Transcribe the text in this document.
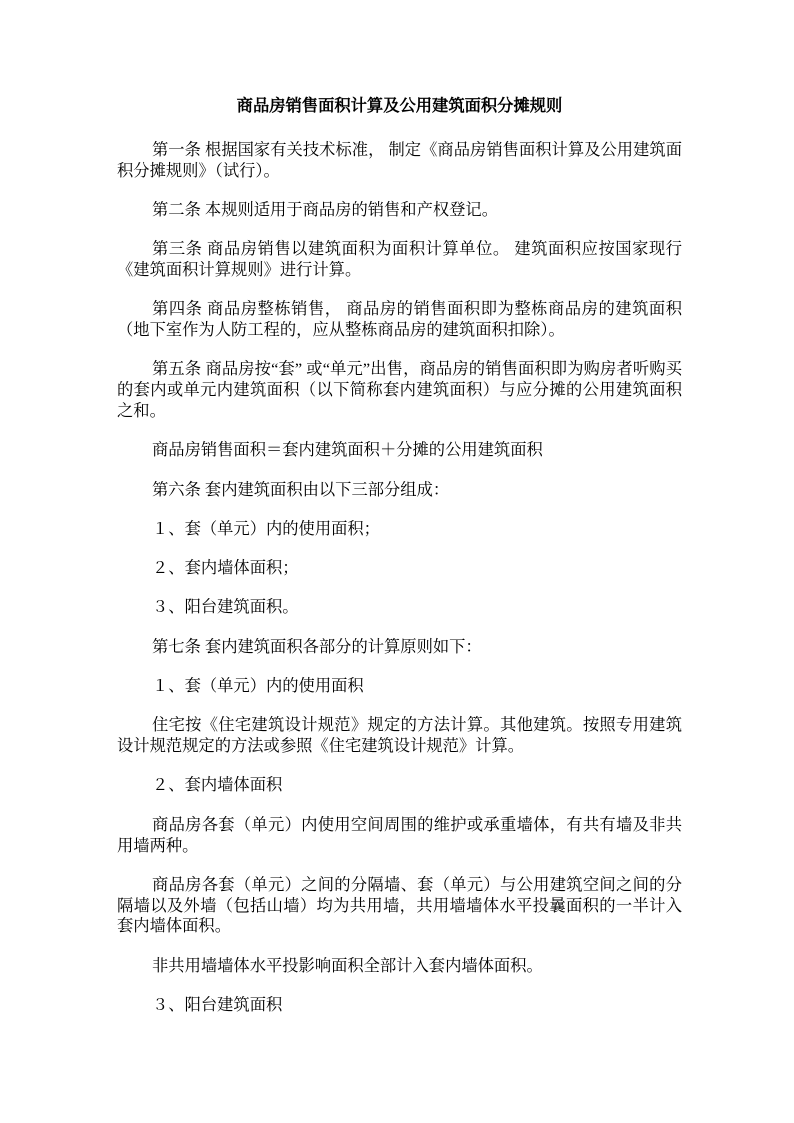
商品房销售面积计算及公用建筑面积分摊规则

第一条 根据国家有关技术标准， 制定《商品房销售面积计算及公用建筑面积分摊规则》（试行）。

第二条 本规则适用于商品房的销售和产权登记。

第三条 商品房销售以建筑面积为面积计算单位。 建筑面积应按国家现行《建筑面积计算规则》进行计算。

第四条 商品房整栋销售， 商品房的销售面积即为整栋商品房的建筑面积（地下室作为人防工程的，应从整栋商品房的建筑面积扣除）。

第五条 商品房按“套” 或“单元”出售，商品房的销售面积即为购房者听购买的套内或单元内建筑面积（以下简称套内建筑面积）与应分摊的公用建筑面积之和。

商品房销售面积＝套内建筑面积＋分摊的公用建筑面积

第六条 套内建筑面积由以下三部分组成：

１、套（单元）内的使用面积；

２、套内墙体面积；

３、阳台建筑面积。

第七条 套内建筑面积各部分的计算原则如下：

１、套（单元）内的使用面积

住宅按《住宅建筑设计规范》规定的方法计算。其他建筑。按照专用建筑设计规范规定的方法或参照《住宅建筑设计规范》计算。

２、套内墙体面积

商品房各套（单元）内使用空间周围的维护或承重墙体，有共有墙及非共用墙两种。

商品房各套（单元）之间的分隔墙、套（单元）与公用建筑空间之间的分隔墙以及外墙（包括山墙）均为共用墙，共用墙墙体水平投曩面积的一半计入套内墙体面积。

非共用墙墙体水平投影响面积全部计入套内墙体面积。

３、阳台建筑面积
